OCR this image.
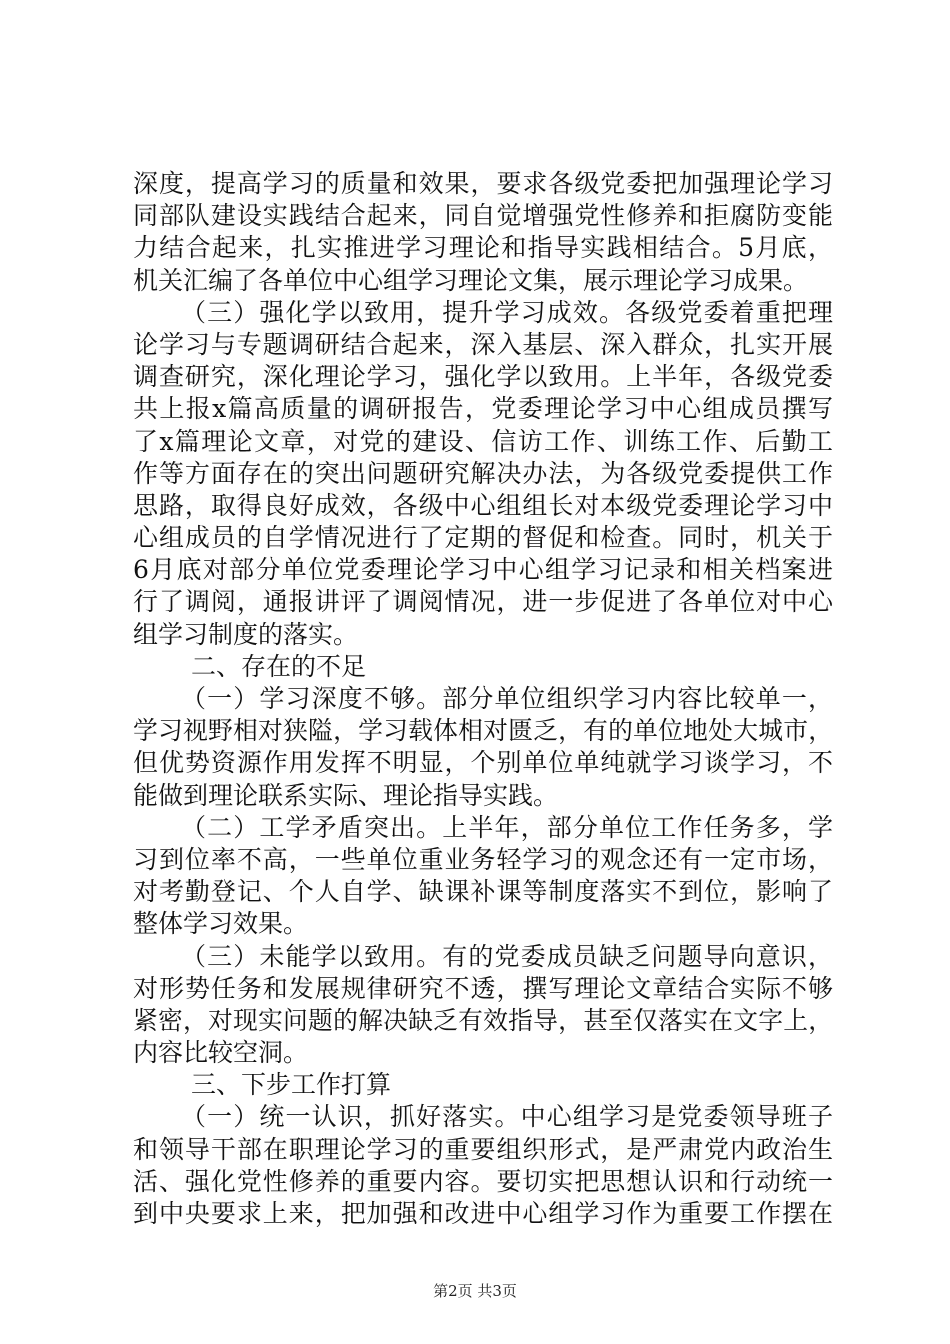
深度，提高学习的质量和效果，要求各级党委把加强理论学习
同部队建设实践结合起来，同自觉增强党性修养和拒腐防变能
力结合起来，扎实推进学习理论和指导实践相结合。5月底，
机关汇编了各单位中心组学习理论文集，展示理论学习成果。
（三）强化学以致用，提升学习成效。各级党委着重把理
论学习与专题调研结合起来，深入基层、深入群众，扎实开展
调查研究，深化理论学习，强化学以致用。上半年，各级党委
共上报x篇高质量的调研报告，党委理论学习中心组成员撰写
了x篇理论文章，对党的建设、信访工作、训练工作、后勤工
作等方面存在的突出问题研究解决办法，为各级党委提供工作
思路，取得良好成效，各级中心组组长对本级党委理论学习中
心组成员的自学情况进行了定期的督促和检查。同时，机关于
6月底对部分单位党委理论学习中心组学习记录和相关档案进
行了调阅，通报讲评了调阅情况，进一步促进了各单位对中心
组学习制度的落实。
二、存在的不足
（一）学习深度不够。部分单位组织学习内容比较单一，
学习视野相对狭隘，学习载体相对匮乏，有的单位地处大城市，
但优势资源作用发挥不明显，个别单位单纯就学习谈学习，不
能做到理论联系实际、理论指导实践。
（二）工学矛盾突出。上半年，部分单位工作任务多，学
习到位率不高，一些单位重业务轻学习的观念还有一定市场，
对考勤登记、个人自学、缺课补课等制度落实不到位，影响了
整体学习效果。
（三）未能学以致用。有的党委成员缺乏问题导向意识，
对形势任务和发展规律研究不透，撰写理论文章结合实际不够
紧密，对现实问题的解决缺乏有效指导，甚至仅落实在文字上，
内容比较空洞。
三、下步工作打算
（一）统一认识，抓好落实。中心组学习是党委领导班子
和领导干部在职理论学习的重要组织形式，是严肃党内政治生
活、强化党性修养的重要内容。要切实把思想认识和行动统一
到中央要求上来，把加强和改进中心组学习作为重要工作摆在
第2页 共3页
